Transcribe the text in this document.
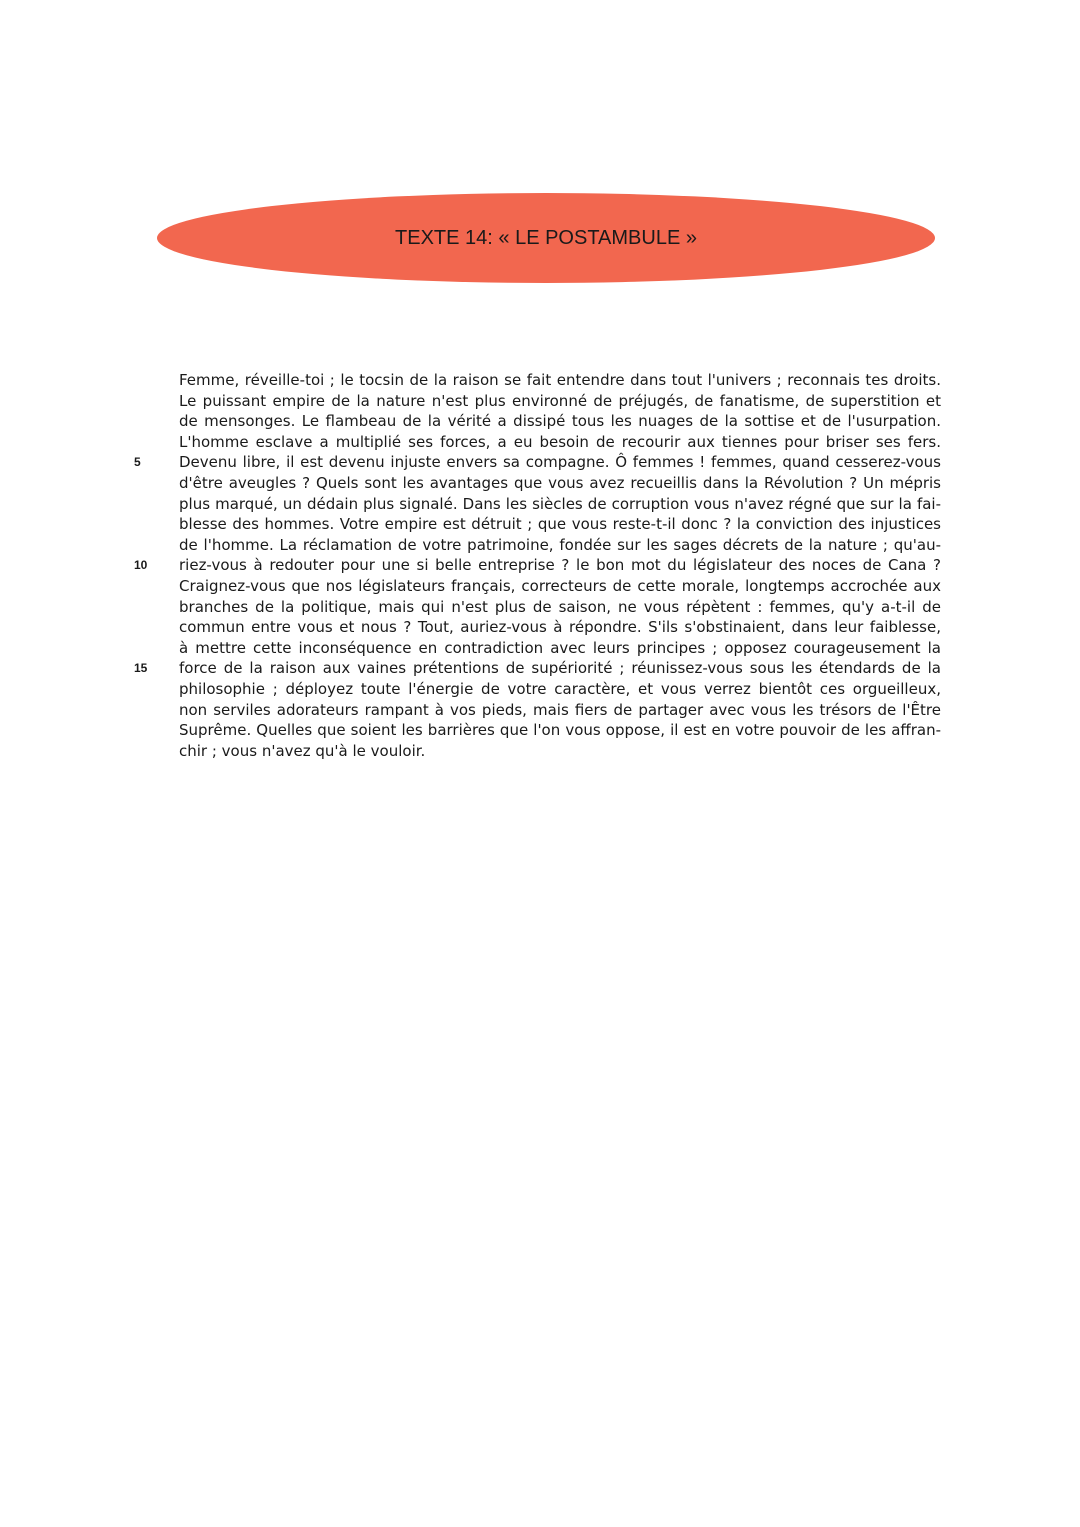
TEXTE 14: « LE POSTAMBULE »
Femme, réveille-toi ; le tocsin de la raison se fait entendre dans tout l'univers ; reconnais tes droits.
Le puissant empire de la nature n'est plus environné de préjugés, de fanatisme, de superstition et
de mensonges. Le flambeau de la vérité a dissipé tous les nuages de la sottise et de l'usurpation.
L'homme esclave a multiplié ses forces, a eu besoin de recourir aux tiennes pour briser ses fers.
5	Devenu libre, il est devenu injuste envers sa compagne. Ô femmes ! femmes, quand cesserez-vous
d'être aveugles ? Quels sont les avantages que vous avez recueillis dans la Révolution ? Un mépris
plus marqué, un dédain plus signalé. Dans les siècles de corruption vous n'avez régné que sur la fai-
blesse des hommes. Votre empire est détruit ; que vous reste-t-il donc ? la conviction des injustices
de l'homme. La réclamation de votre patrimoine, fondée sur les sages décrets de la nature ; qu'au-
10	riez-vous à redouter pour une si belle entreprise ? le bon mot du législateur des noces de Cana ?
Craignez-vous que nos législateurs français, correcteurs de cette morale, longtemps accrochée aux
branches de la politique, mais qui n'est plus de saison, ne vous répètent : femmes, qu'y a-t-il de
commun entre vous et nous ? Tout, auriez-vous à répondre. S'ils s'obstinaient, dans leur faiblesse,
à mettre cette inconséquence en contradiction avec leurs principes ; opposez courageusement la
15	force de la raison aux vaines prétentions de supériorité ; réunissez-vous sous les étendards de la
philosophie ; déployez toute l'énergie de votre caractère, et vous verrez bientôt ces orgueilleux,
non serviles adorateurs rampant à vos pieds, mais fiers de partager avec vous les trésors de l'Être
Suprême. Quelles que soient les barrières que l'on vous oppose, il est en votre pouvoir de les affran-
chir ; vous n'avez qu'à le vouloir.
